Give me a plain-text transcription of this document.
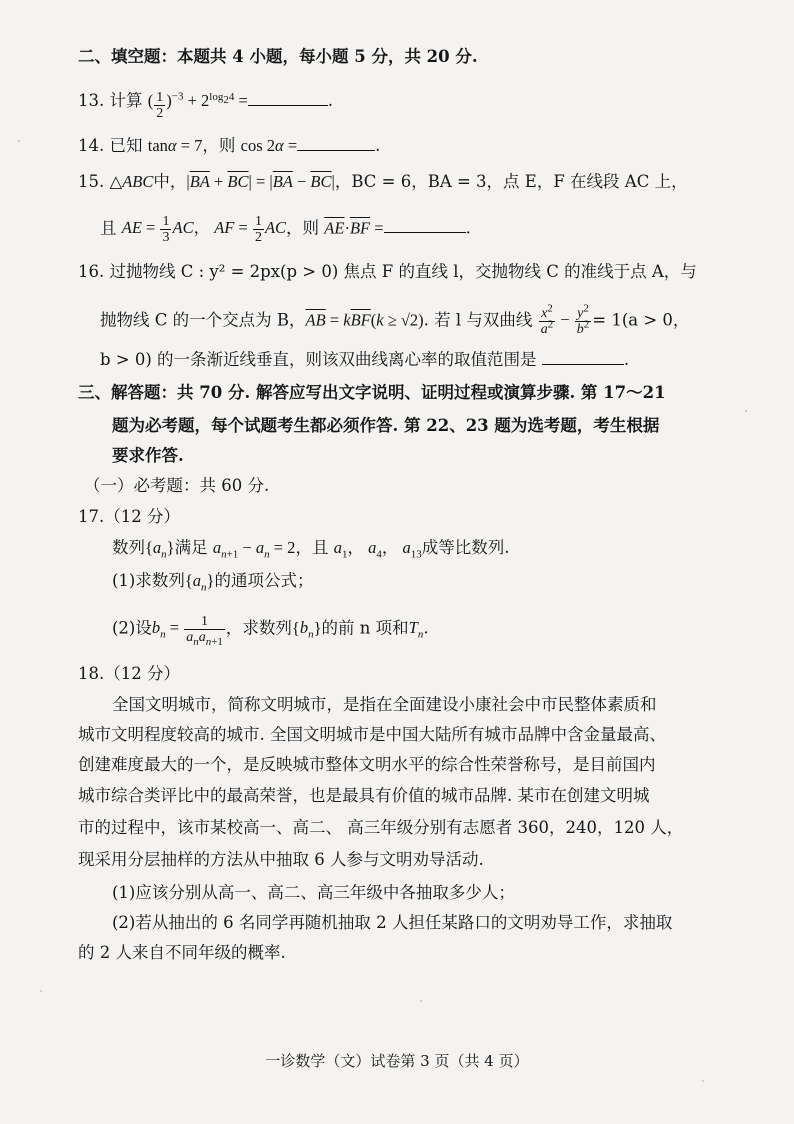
二、填空题：本题共 4 小题，每小题 5 分，共 20 分.
13. 计算 ( $\frac{1}{2} )^{-3} + 2^{log_24}$ =	.
14. 已知 tanα = 7，则 cos 2α =	.
15. △ABC中，$|\overline{BA} + \overline{BC}| = |\overline{BA} - \overline{BC}|$，BC = 6，BA = 3，点 E，F 在线段 AC 上，
且 AE = $\frac{1}{3}$ AC， AF = $\frac{1}{2}$ AC，则 $\overline{AE}\cdot\overline{BF}$ =	.
16. 过抛物线 C : y² = 2px(p > 0) 焦点 F 的直线 l，交抛物线 C 的准线于点 A，与
抛物线 C 的一个交点为 B，$\overline{AB} = k\overline{BF}(k \ge √2)$. 若 l 与双曲线 $\frac{x^2}{a^2} - \frac{y^2}{b^2} = 1(a > 0$，
b > 0) 的一条渐近线垂直，则该双曲线离心率的取值范围是	.
三、解答题：共 70 分. 解答应写出文字说明、证明过程或演算步骤. 第 17～21
题为必考题，每个试题考生都必须作答. 第 22、23 题为选考题，考生根据
要求作答.
（一）必考题：共 60 分.
17.（12 分）
数列$\{a_n\}$满足 $a_{n+1} - a_n = 2$，且 $a_1$， $a_4$， $a_{13}$成等比数列.
(1)求数列$\{a_n\}$的通项公式；
(2)设$b_n = \frac{1}{a_na_{n+1}}$ ，求数列$\{b_n\}$的前 n 项和$T_n$.
18.（12 分）
全国文明城市，简称文明城市，是指在全面建设小康社会中市民整体素质和
城市文明程度较高的城市. 全国文明城市是中国大陆所有城市品牌中含金量最高、
创建难度最大的一个，是反映城市整体文明水平的综合性荣誉称号，是目前国内
城市综合类评比中的最高荣誉，也是最具有价值的城市品牌. 某市在创建文明城
市的过程中，该市某校高一、高二、 高三年级分别有志愿者 360，240，120 人，
现采用分层抽样的方法从中抽取 6 人参与文明劝导活动.
(1)应该分别从高一、高二、高三年级中各抽取多少人；
(2)若从抽出的 6 名同学再随机抽取 2 人担任某路口的文明劝导工作，求抽取
的 2 人来自不同年级的概率.
一诊数学（文）试卷第 3 页（共 4 页）
